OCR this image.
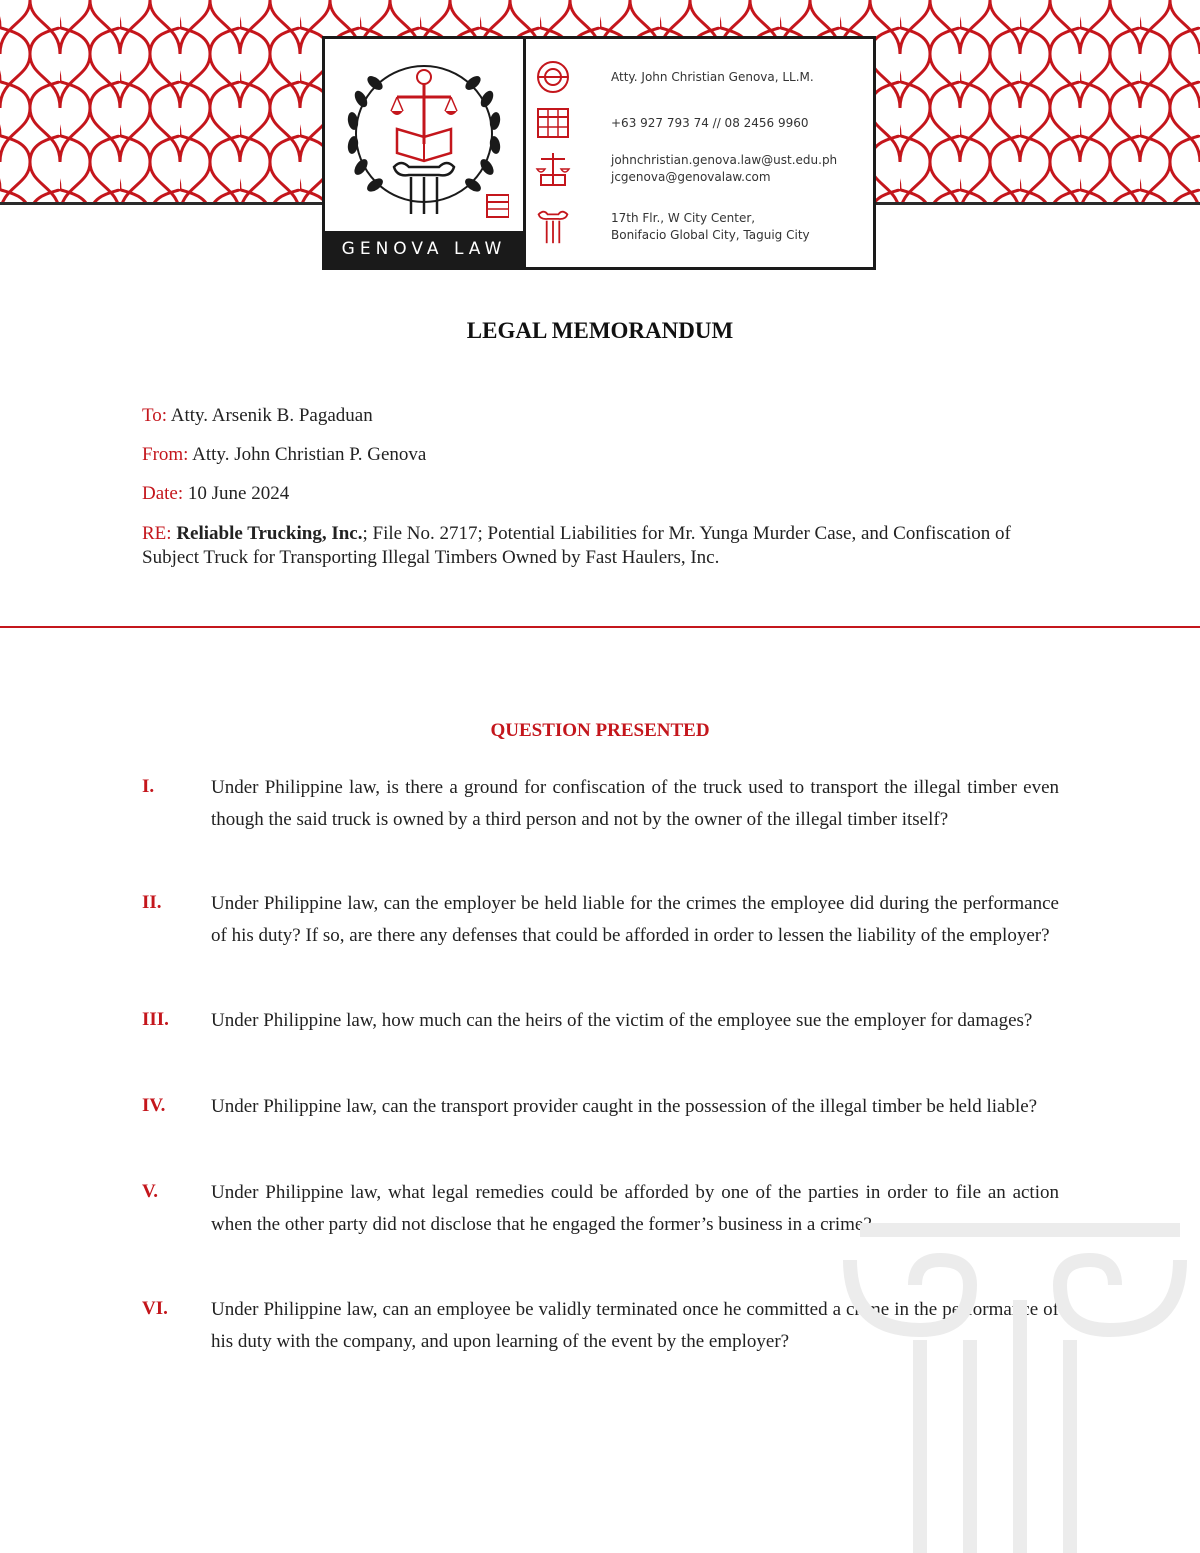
GENOVA LAW
Atty. John Christian Genova, LL.M.
+63 927 793 74 // 08 2456 9960
johnchristian.genova.law@ust.edu.ph
jcgenova@genovalaw.com
17th Flr., W City Center,
Bonifacio Global City, Taguig City
LEGAL MEMORANDUM
To: Atty. Arsenik B. Pagaduan
From: Atty. John Christian P. Genova
Date: 10 June 2024
RE: Reliable Trucking, Inc.; File No. 2717; Potential Liabilities for Mr. Yunga Murder Case, and Confiscation of Subject Truck for Transporting Illegal Timbers Owned by Fast Haulers, Inc.
QUESTION PRESENTED
I.	Under Philippine law, is there a ground for confiscation of the truck used to transport the illegal timber even though the said truck is owned by a third person and not by the owner of the illegal timber itself?
II.	Under Philippine law, can the employer be held liable for the crimes the employee did during the performance of his duty? If so, are there any defenses that could be afforded in order to lessen the liability of the employer?
III. Under Philippine law, how much can the heirs of the victim of the employee sue the employer for damages?
IV. Under Philippine law, can the transport provider caught in the possession of the illegal timber be held liable?
V.	Under Philippine law, what legal remedies could be afforded by one of the parties in order to file an action when the other party did not disclose that he engaged the former’s business in a crime?
VI. Under Philippine law, can an employee be validly terminated once he committed a crime in the performance of his duty with the company, and upon learning of the event by the employer?
